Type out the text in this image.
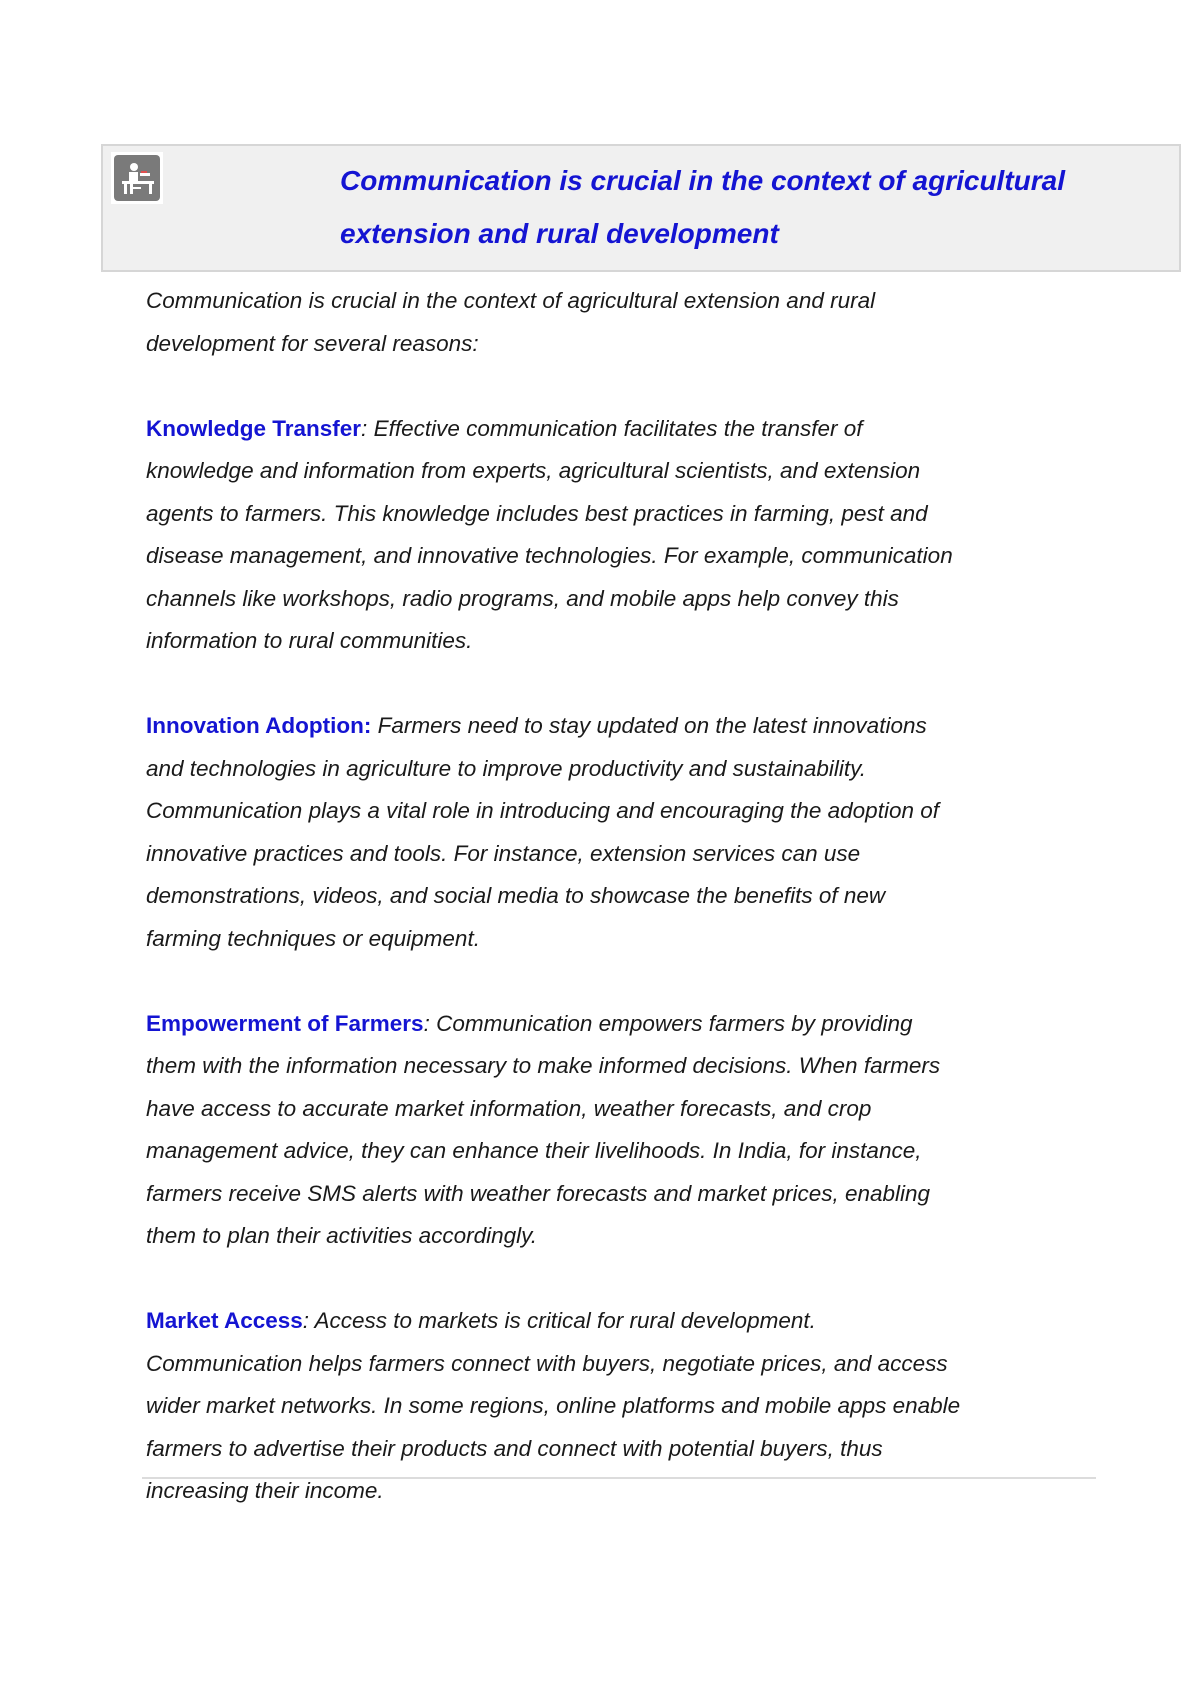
Communication is crucial in the context of agricultural extension and rural development

Communication is crucial in the context of agricultural extension and rural development for several reasons:

Knowledge Transfer: Effective communication facilitates the transfer of knowledge and information from experts, agricultural scientists, and extension agents to farmers. This knowledge includes best practices in farming, pest and disease management, and innovative technologies. For example, communication channels like workshops, radio programs, and mobile apps help convey this information to rural communities.

Innovation Adoption: Farmers need to stay updated on the latest innovations and technologies in agriculture to improve productivity and sustainability. Communication plays a vital role in introducing and encouraging the adoption of innovative practices and tools. For instance, extension services can use demonstrations, videos, and social media to showcase the benefits of new farming techniques or equipment.

Empowerment of Farmers: Communication empowers farmers by providing them with the information necessary to make informed decisions. When farmers have access to accurate market information, weather forecasts, and crop management advice, they can enhance their livelihoods. In India, for instance, farmers receive SMS alerts with weather forecasts and market prices, enabling them to plan their activities accordingly.

Market Access: Access to markets is critical for rural development. Communication helps farmers connect with buyers, negotiate prices, and access wider market networks. In some regions, online platforms and mobile apps enable farmers to advertise their products and connect with potential buyers, thus increasing their income.
